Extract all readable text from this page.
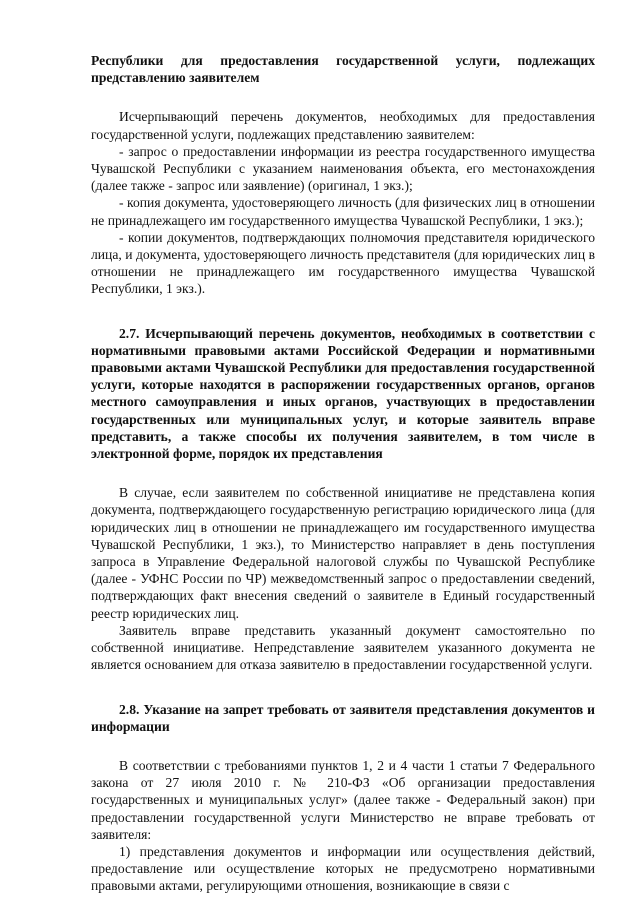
Республики для предоставления государственной услуги, подлежащих представлению заявителем

Исчерпывающий перечень документов, необходимых для предоставления государственной услуги, подлежащих представлению заявителем:

- запрос о предоставлении информации из реестра государственного имущества Чувашской Республики с указанием наименования объекта, его местонахождения (далее также - запрос или заявление) (оригинал, 1 экз.);

- копия документа, удостоверяющего личность (для физических лиц в отношении не принадлежащего им государственного имущества Чувашской Республики, 1 экз.);

- копии документов, подтверждающих полномочия представителя юридического лица, и документа, удостоверяющего личность представителя (для юридических лиц в отношении не принадлежащего им государственного имущества Чувашской Республики, 1 экз.).

2.7. Исчерпывающий перечень документов, необходимых в соответствии с нормативными правовыми актами Российской Федерации и нормативными правовыми актами Чувашской Республики для предоставления государственной услуги, которые находятся в распоряжении государственных органов, органов местного самоуправления и иных органов, участвующих в предоставлении государственных или муниципальных услуг, и которые заявитель вправе представить, а также способы их получения заявителем, в том числе в электронной форме, порядок их представления

В случае, если заявителем по собственной инициативе не представлена копия документа, подтверждающего государственную регистрацию юридического лица (для юридических лиц в отношении не принадлежащего им государственного имущества Чувашской Республики, 1 экз.), то Министерство направляет в день поступления запроса в Управление Федеральной налоговой службы по Чувашской Республике (далее - УФНС России по ЧР) межведомственный запрос о предоставлении сведений, подтверждающих факт внесения сведений о заявителе в Единый государственный реестр юридических лиц.

Заявитель вправе представить указанный документ самостоятельно по собственной инициативе. Непредставление заявителем указанного документа не является основанием для отказа заявителю в предоставлении государственной услуги.

2.8. Указание на запрет требовать от заявителя представления документов и информации

В соответствии с требованиями пунктов 1, 2 и 4 части 1 статьи 7 Федерального закона от 27 июля 2010 г. № 210-ФЗ «Об организации предоставления государственных и муниципальных услуг» (далее также - Федеральный закон) при предоставлении государственной услуги Министерство не вправе требовать от заявителя:

1) представления документов и информации или осуществления действий, предоставление или осуществление которых не предусмотрено нормативными правовыми актами, регулирующими отношения, возникающие в связи с
